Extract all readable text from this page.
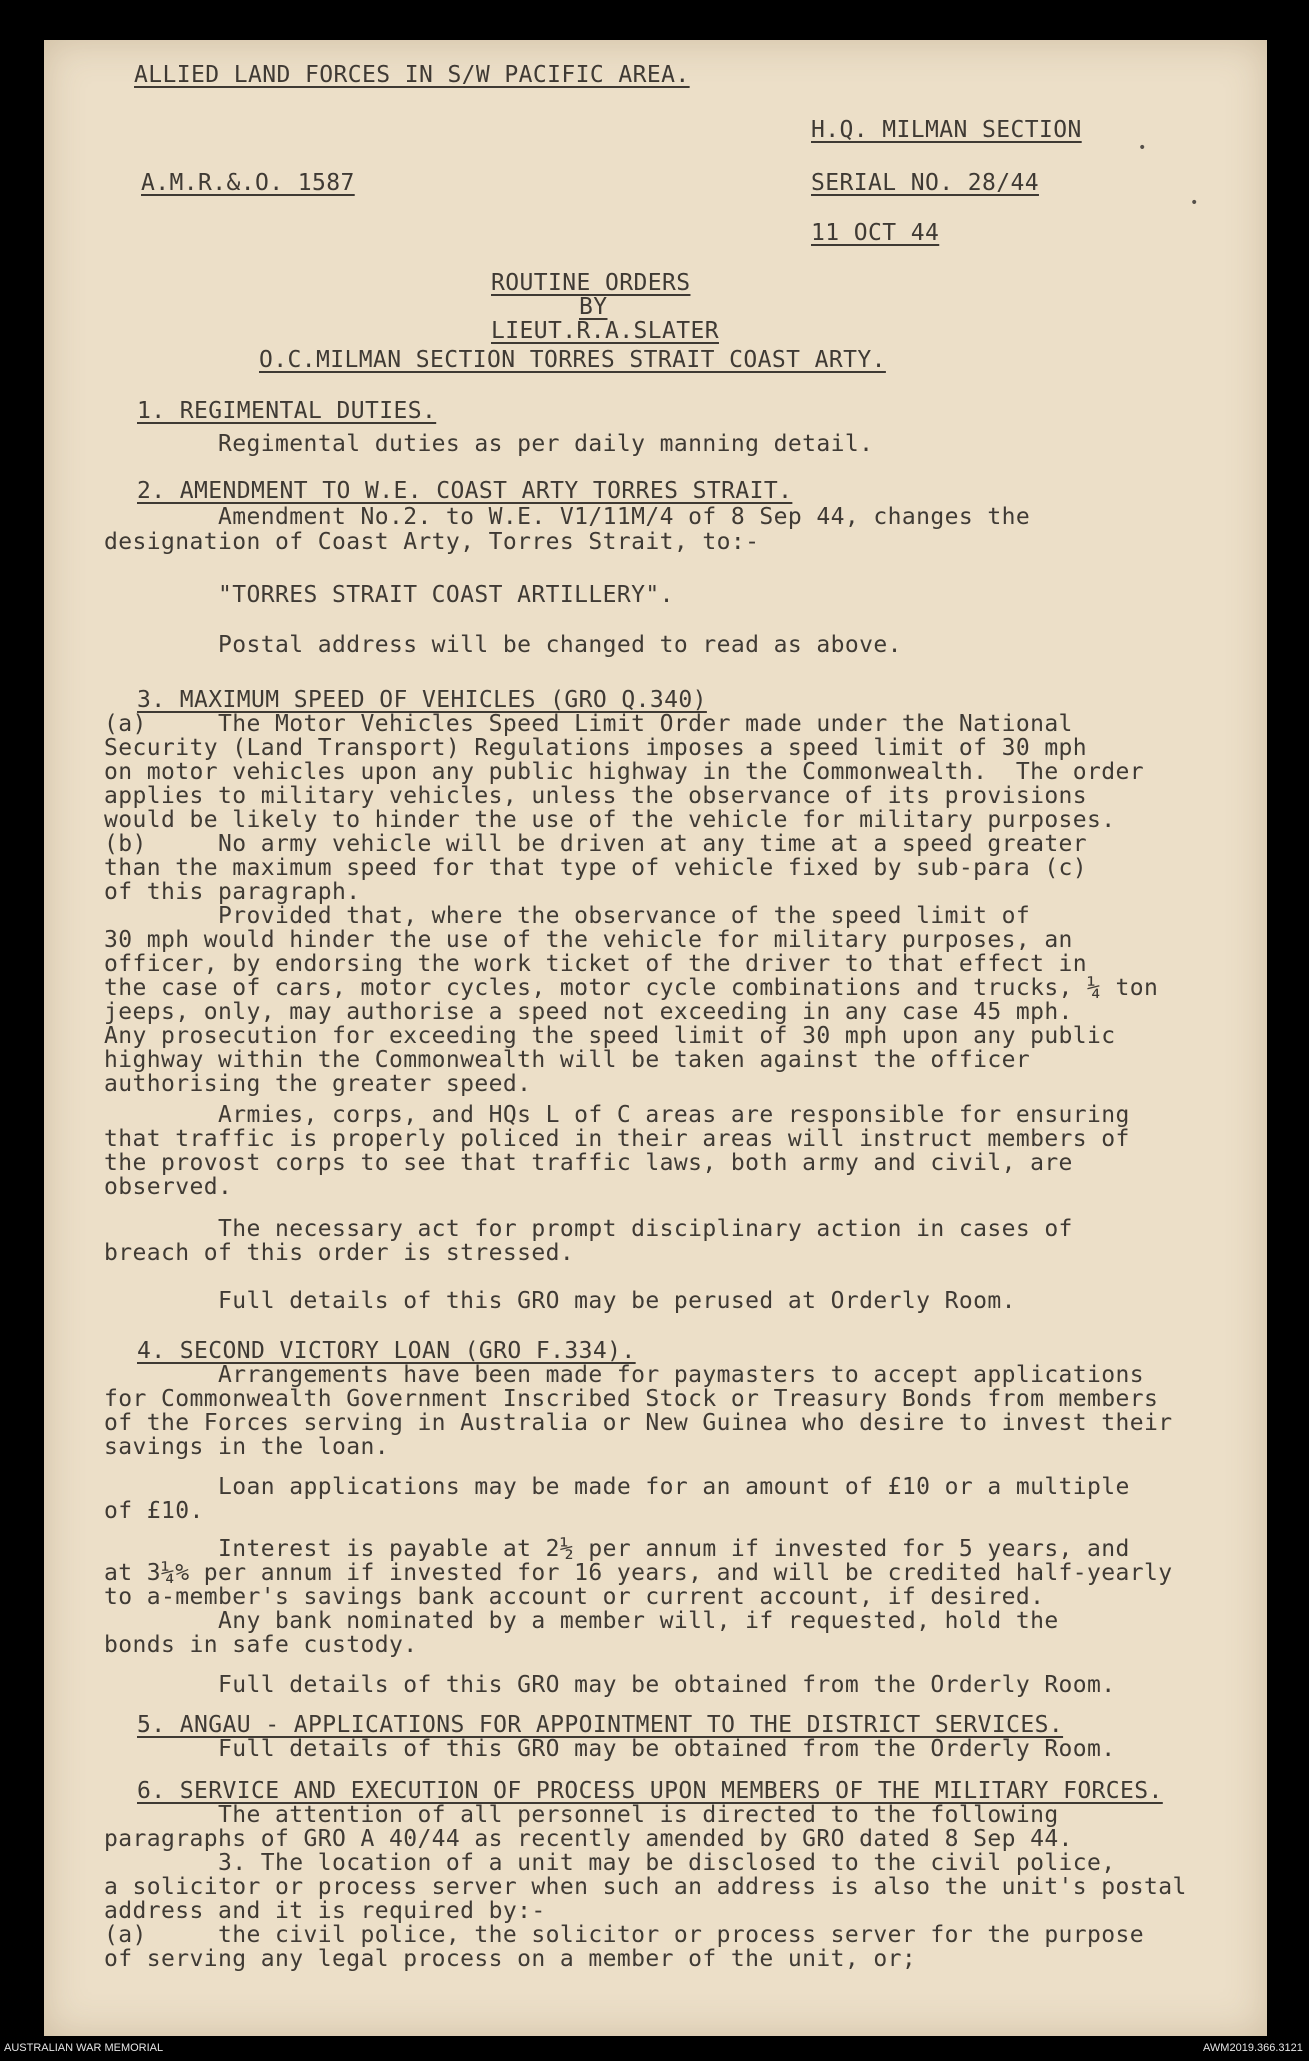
ALLIED LAND FORCES IN S/W PACIFIC AREA.
H.Q. MILMAN SECTION
A.M.R.&.O. 1587	SERIAL NO. 28/44
11 OCT 44
ROUTINE ORDERS
BY
LIEUT.R.A.SLATER
O.C.MILMAN SECTION TORRES STRAIT COAST ARTY.
1. REGIMENTAL DUTIES.
Regimental duties as per daily manning detail.
2. AMENDMENT TO W.E. COAST ARTY TORRES STRAIT.
Amendment No.2. to W.E. V1/11M/4 of 8 Sep 44, changes the
designation of Coast Arty, Torres Strait, to:-
"TORRES STRAIT COAST ARTILLERY".
Postal address will be changed to read as above.
3. MAXIMUM SPEED OF VEHICLES (GRO Q.340)
(a)     The Motor Vehicles Speed Limit Order made under the National
Security (Land Transport) Regulations imposes a speed limit of 30 mph
on motor vehicles upon any public highway in the Commonwealth.  The order
applies to military vehicles, unless the observance of its provisions
would be likely to hinder the use of the vehicle for military purposes.
(b)     No army vehicle will be driven at any time at a speed greater
than the maximum speed for that type of vehicle fixed by sub-para (c)
of this paragraph.
Provided that, where the observance of the speed limit of
30 mph would hinder the use of the vehicle for military purposes, an
officer, by endorsing the work ticket of the driver to that effect in
the case of cars, motor cycles, motor cycle combinations and trucks, ¼ ton
jeeps, only, may authorise a speed not exceeding in any case 45 mph.
Any prosecution for exceeding the speed limit of 30 mph upon any public
highway within the Commonwealth will be taken against the officer
authorising the greater speed.
Armies, corps, and HQs L of C areas are responsible for ensuring
that traffic is properly policed in their areas will instruct members of
the provost corps to see that traffic laws, both army and civil, are
observed.
The necessary act for prompt disciplinary action in cases of
breach of this order is stressed.
Full details of this GRO may be perused at Orderly Room.
4. SECOND VICTORY LOAN (GRO F.334).
Arrangements have been made for paymasters to accept applications
for Commonwealth Government Inscribed Stock or Treasury Bonds from members
of the Forces serving in Australia or New Guinea who desire to invest their
savings in the loan.
Loan applications may be made for an amount of £10 or a multiple
of £10.
Interest is payable at 2½ per annum if invested for 5 years, and
at 3¼% per annum if invested for 16 years, and will be credited half-yearly
to a-member's savings bank account or current account, if desired.
Any bank nominated by a member will, if requested, hold the
bonds in safe custody.
Full details of this GRO may be obtained from the Orderly Room.
5. ANGAU - APPLICATIONS FOR APPOINTMENT TO THE DISTRICT SERVICES.
Full details of this GRO may be obtained from the Orderly Room.
6. SERVICE AND EXECUTION OF PROCESS UPON MEMBERS OF THE MILITARY FORCES.
The attention of all personnel is directed to the following
paragraphs of GRO A 40/44 as recently amended by GRO dated 8 Sep 44.
3. The location of a unit may be disclosed to the civil police,
a solicitor or process server when such an address is also the unit's postal
address and it is required by:-
(a)     the civil police, the solicitor or process server for the purpose
of serving any legal process on a member of the unit, or;
•
•
AUSTRALIAN WAR MEMORIAL	AWM2019.366.3121
